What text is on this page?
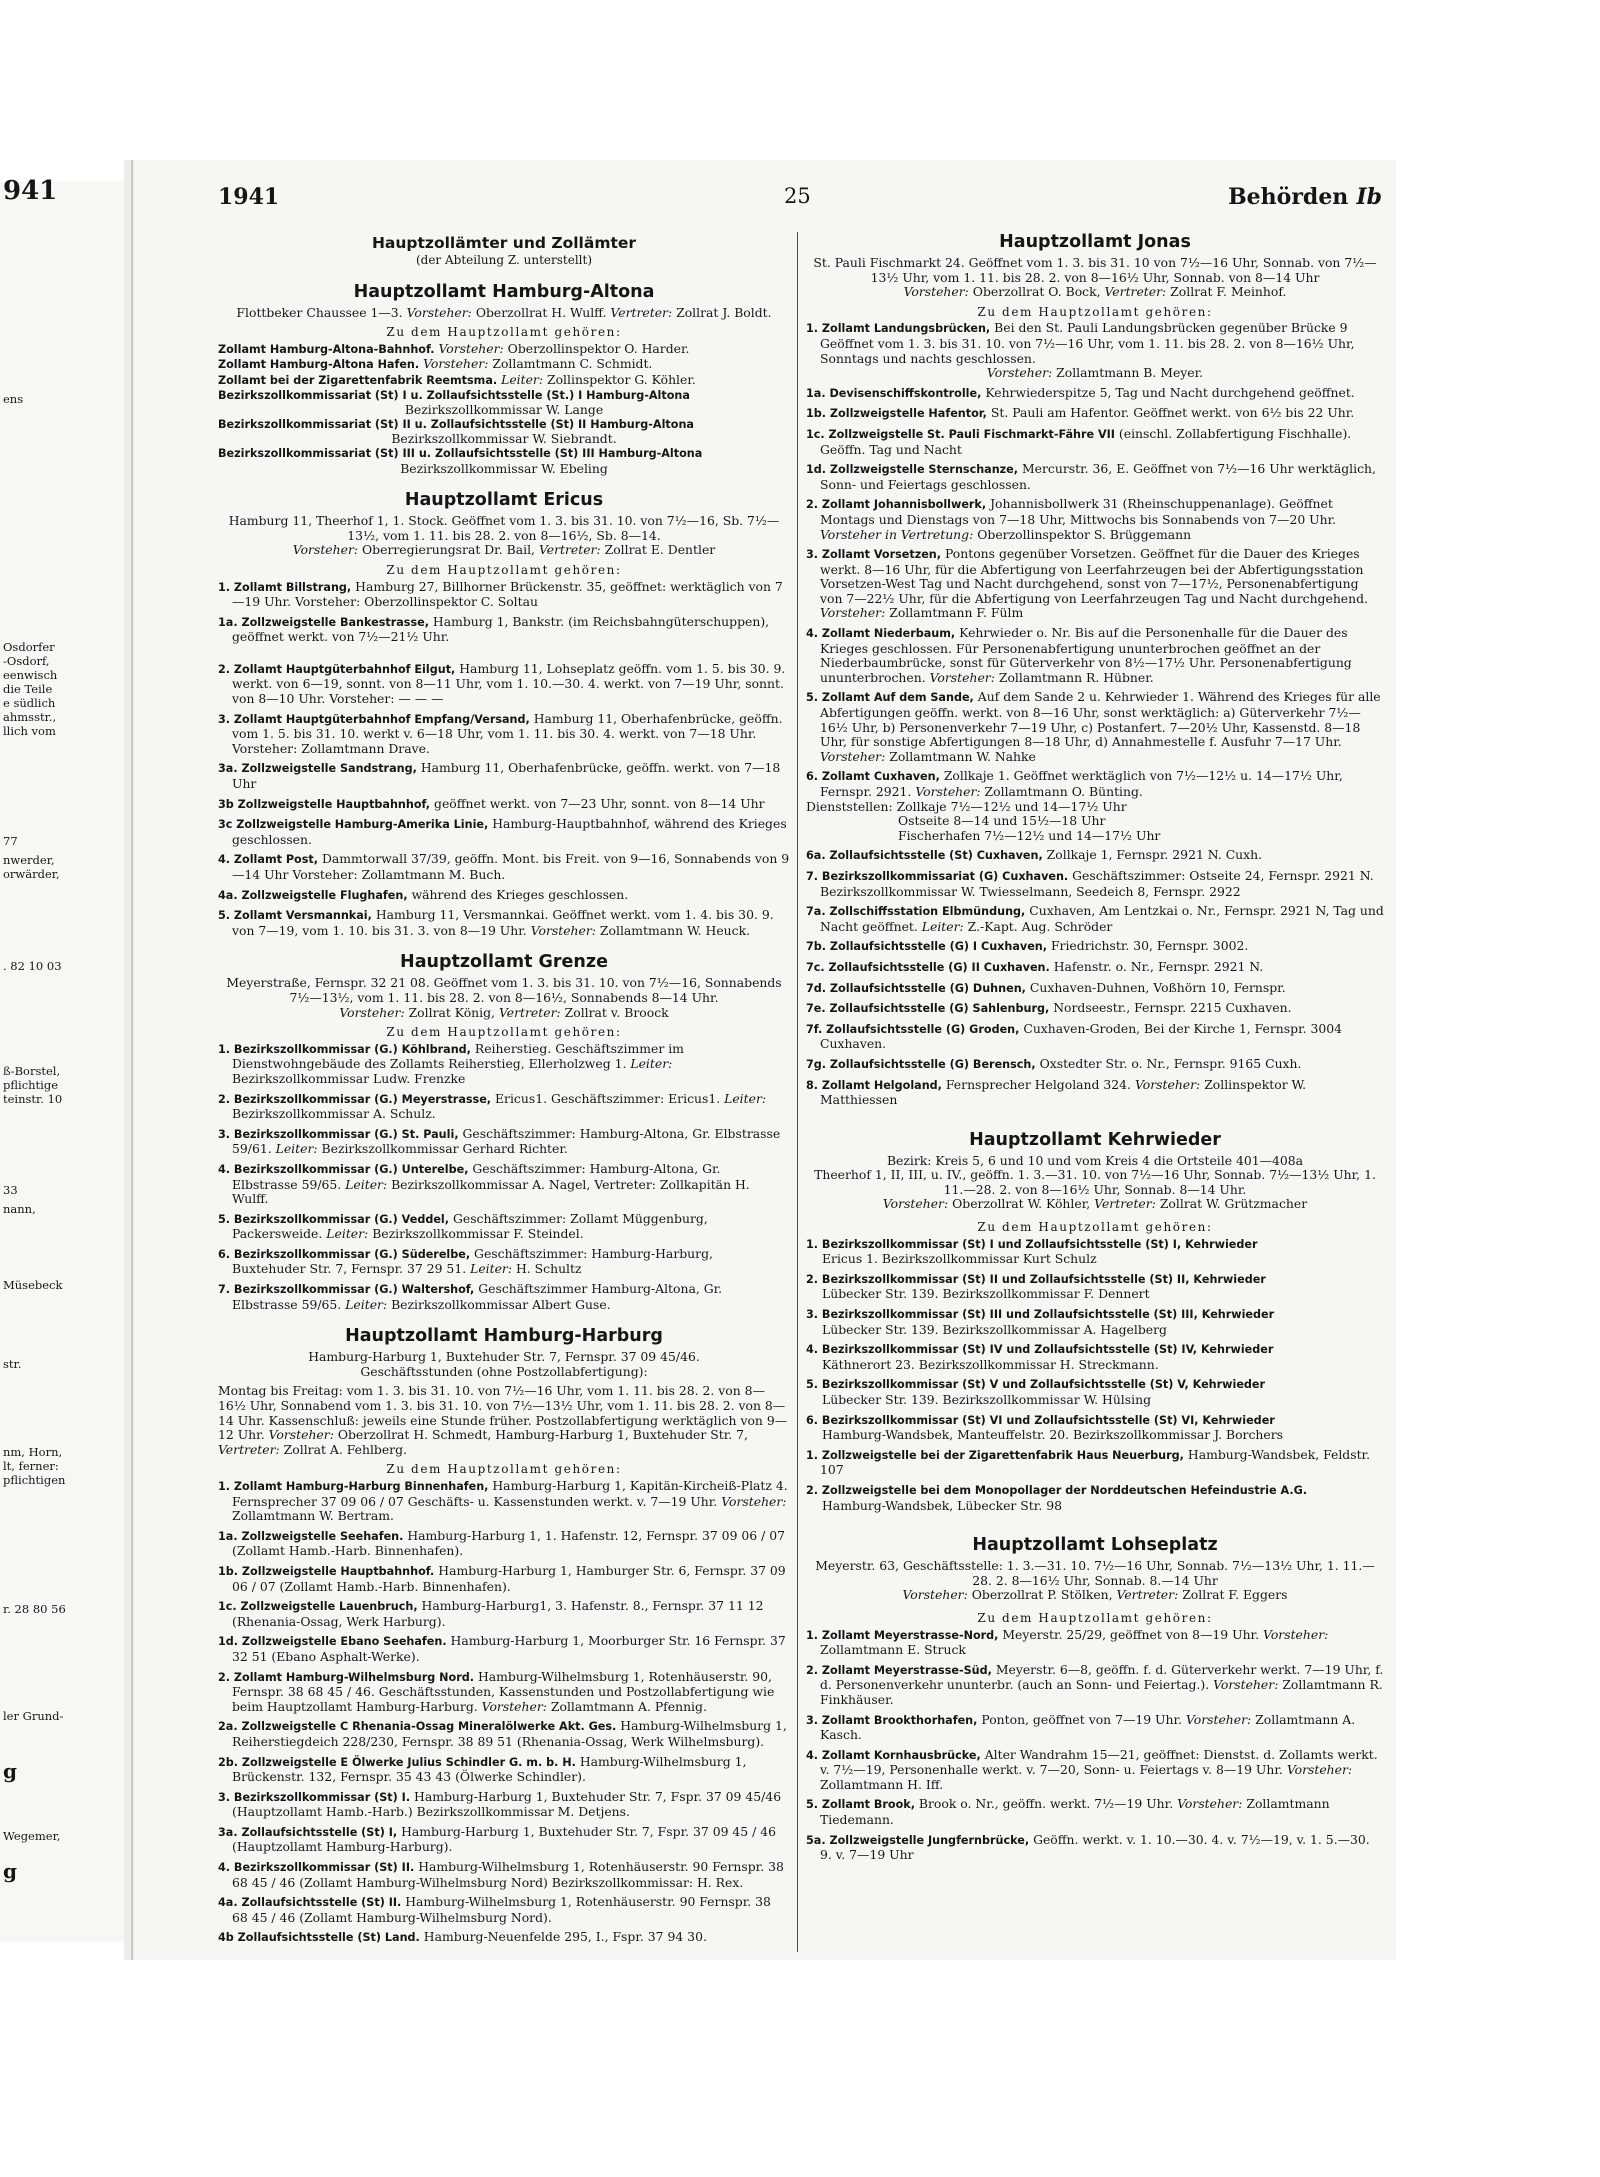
941
ens
Osdorfer
-Osdorf,
eenwisch
die Teile
e südlich
ahmsstr.,
llich vom
77
nwerder,
orwärder,
. 82 10 03
ß-Borstel,
pflichtige
teinstr. 10
33
nann,
Müsebeck
str.
nm, Horn,
lt, ferner:
pflichtigen
r. 28 80 56
ler Grund-
g
Wegemer,
g
1941	25	Behörden Ib
Hauptzollämter und Zollämter
(der Abteilung Z. unterstellt)
Hauptzollamt Hamburg-Altona
Flottbeker Chaussee 1—3. Vorsteher: Oberzollrat H. Wulff. Vertreter: Zollrat J. Boldt.
Zu dem Hauptzollamt gehören:
Zollamt Hamburg-Altona-Bahnhof. Vorsteher: Oberzollinspektor O. Harder.
Zollamt Hamburg-Altona Hafen. Vorsteher: Zollamtmann C. Schmidt.
Zollamt bei der Zigarettenfabrik Reemtsma. Leiter: Zollinspektor G. Köhler.
Bezirkszollkommissariat (St) I u. Zollaufsichtsstelle (St.) I Hamburg-Altona
Bezirkszollkommissar W. Lange
Bezirkszollkommissariat (St) II u. Zollaufsichtsstelle (St) II Hamburg-Altona
Bezirkszollkommissar W. Siebrandt.
Bezirkszollkommissariat (St) III u. Zollaufsichtsstelle (St) III Hamburg-Altona
Bezirkszollkommissar W. Ebeling
Hauptzollamt Ericus
Hamburg 11, Theerhof 1, 1. Stock. Geöffnet vom 1. 3. bis 31. 10. von 7½—16, Sb. 7½—13½, vom 1. 11. bis 28. 2. von 8—16½, Sb. 8—14.
Vorsteher: Oberregierungsrat Dr. Bail, Vertreter: Zollrat E. Dentler
Zu dem Hauptzollamt gehören:
1. Zollamt Billstrang, Hamburg 27, Billhorner Brückenstr. 35, geöffnet: werktäglich von 7—19 Uhr. Vorsteher: Oberzollinspektor C. Soltau
1a. Zollzweigstelle Bankestrasse, Hamburg 1, Bankstr. (im Reichsbahngüterschuppen), geöffnet werkt. von 7½—21½ Uhr.
2. Zollamt Hauptgüterbahnhof Eilgut, Hamburg 11, Lohseplatz geöffn. vom 1. 5. bis 30. 9. werkt. von 6—19, sonnt. von 8—11 Uhr, vom 1. 10.—30. 4. werkt. von 7—19 Uhr, sonnt. von 8—10 Uhr. Vorsteher: — — —
3. Zollamt Hauptgüterbahnhof Empfang/Versand, Hamburg 11, Oberhafenbrücke, geöffn. vom 1. 5. bis 31. 10. werkt v. 6—18 Uhr, vom 1. 11. bis 30. 4. werkt. von 7—18 Uhr. Vorsteher: Zollamtmann Drave.
3a. Zollzweigstelle Sandstrang, Hamburg 11, Oberhafenbrücke, geöffn. werkt. von 7—18 Uhr
3b Zollzweigstelle Hauptbahnhof, geöffnet werkt. von 7—23 Uhr, sonnt. von 8—14 Uhr
3c Zollzweigstelle Hamburg-Amerika Linie, Hamburg-Hauptbahnhof, während des Krieges geschlossen.
4. Zollamt Post, Dammtorwall 37/39, geöffn. Mont. bis Freit. von 9—16, Sonnabends von 9—14 Uhr Vorsteher: Zollamtmann M. Buch.
4a. Zollzweigstelle Flughafen, während des Krieges geschlossen.
5. Zollamt Versmannkai, Hamburg 11, Versmannkai. Geöffnet werkt. vom 1. 4. bis 30. 9. von 7—19, vom 1. 10. bis 31. 3. von 8—19 Uhr. Vorsteher: Zollamtmann W. Heuck.
Hauptzollamt Grenze
Meyerstraße, Fernspr. 32 21 08. Geöffnet vom 1. 3. bis 31. 10. von 7½—16, Sonnabends 7½—13½, vom 1. 11. bis 28. 2. von 8—16½, Sonnabends 8—14 Uhr.
Vorsteher: Zollrat König, Vertreter: Zollrat v. Broock
Zu dem Hauptzollamt gehören:
1. Bezirkszollkommissar (G.) Köhlbrand, Reiherstieg. Geschäftszimmer im Dienstwohngebäude des Zollamts Reiherstieg, Ellerholzweg 1. Leiter: Bezirkszollkommissar Ludw. Frenzke
2. Bezirkszollkommissar (G.) Meyerstrasse, Ericus1. Geschäftszimmer: Ericus1. Leiter: Bezirkszollkommissar A. Schulz.
3. Bezirkszollkommissar (G.) St. Pauli, Geschäftszimmer: Hamburg-Altona, Gr. Elbstrasse 59/61. Leiter: Bezirkszollkommissar Gerhard Richter.
4. Bezirkszollkommissar (G.) Unterelbe, Geschäftszimmer: Hamburg-Altona, Gr. Elbstrasse 59/65. Leiter: Bezirkszollkommissar A. Nagel, Vertreter: Zollkapitän H. Wulff.
5. Bezirkszollkommissar (G.) Veddel, Geschäftszimmer: Zollamt Müggenburg, Packersweide. Leiter: Bezirkszollkommissar F. Steindel.
6. Bezirkszollkommissar (G.) Süderelbe, Geschäftszimmer: Hamburg-Harburg, Buxtehuder Str. 7, Fernspr. 37 29 51. Leiter: H. Schultz
7. Bezirkszollkommissar (G.) Waltershof, Geschäftszimmer Hamburg-Altona, Gr. Elbstrasse 59/65. Leiter: Bezirkszollkommissar Albert Guse.
Hauptzollamt Hamburg-Harburg
Hamburg-Harburg 1, Buxtehuder Str. 7, Fernspr. 37 09 45/46.
Geschäftsstunden (ohne Postzollabfertigung):
Montag bis Freitag: vom 1. 3. bis 31. 10. von 7½—16 Uhr, vom 1. 11. bis 28. 2. von 8—16½ Uhr, Sonnabend vom 1. 3. bis 31. 10. von 7½—13½ Uhr, vom 1. 11. bis 28. 2. von 8—14 Uhr. Kassenschluß: jeweils eine Stunde früher. Postzollabfertigung werktäglich von 9—12 Uhr. Vorsteher: Oberzollrat H. Schmedt, Hamburg-Harburg 1, Buxtehuder Str. 7, Vertreter: Zollrat A. Fehlberg.
Zu dem Hauptzollamt gehören:
1. Zollamt Hamburg-Harburg Binnenhafen, Hamburg-Harburg 1, Kapitän-Kircheiß-Platz 4. Fernsprecher 37 09 06 / 07 Geschäfts- u. Kassenstunden werkt. v. 7—19 Uhr. Vorsteher: Zollamtmann W. Bertram.
1a. Zollzweigstelle Seehafen. Hamburg-Harburg 1, 1. Hafenstr. 12, Fernspr. 37 09 06 / 07 (Zollamt Hamb.-Harb. Binnenhafen).
1b. Zollzweigstelle Hauptbahnhof. Hamburg-Harburg 1, Hamburger Str. 6, Fernspr. 37 09 06 / 07 (Zollamt Hamb.-Harb. Binnenhafen).
1c. Zollzweigstelle Lauenbruch, Hamburg-Harburg1, 3. Hafenstr. 8., Fernspr. 37 11 12 (Rhenania-Ossag, Werk Harburg).
1d. Zollzweigstelle Ebano Seehafen. Hamburg-Harburg 1, Moorburger Str. 16 Fernspr. 37 32 51 (Ebano Asphalt-Werke).
2. Zollamt Hamburg-Wilhelmsburg Nord. Hamburg-Wilhelmsburg 1, Rotenhäuserstr. 90, Fernspr. 38 68 45 / 46. Geschäftsstunden, Kassenstunden und Postzollabfertigung wie beim Hauptzollamt Hamburg-Harburg. Vorsteher: Zollamtmann A. Pfennig.
2a. Zollzweigstelle C Rhenania-Ossag Mineralölwerke Akt. Ges. Hamburg-Wilhelmsburg 1, Reiherstiegdeich 228/230, Fernspr. 38 89 51 (Rhenania-Ossag, Werk Wilhelmsburg).
2b. Zollzweigstelle E Ölwerke Julius Schindler G. m. b. H. Hamburg-Wilhelmsburg 1, Brückenstr. 132, Fernspr. 35 43 43 (Ölwerke Schindler).
3. Bezirkszollkommissar (St) I. Hamburg-Harburg 1, Buxtehuder Str. 7, Fspr. 37 09 45/46 (Hauptzollamt Hamb.-Harb.) Bezirkszollkommissar M. Detjens.
3a. Zollaufsichtsstelle (St) I, Hamburg-Harburg 1, Buxtehuder Str. 7, Fspr. 37 09 45 / 46 (Hauptzollamt Hamburg-Harburg).
4. Bezirkszollkommissar (St) II. Hamburg-Wilhelmsburg 1, Rotenhäuserstr. 90 Fernspr. 38 68 45 / 46 (Zollamt Hamburg-Wilhelmsburg Nord) Bezirkszollkommissar: H. Rex.
4a. Zollaufsichtsstelle (St) II. Hamburg-Wilhelmsburg 1, Rotenhäuserstr. 90 Fernspr. 38 68 45 / 46 (Zollamt Hamburg-Wilhelmsburg Nord).
4b Zollaufsichtsstelle (St) Land. Hamburg-Neuenfelde 295, I., Fspr. 37 94 30.
Hauptzollamt Jonas
St. Pauli Fischmarkt 24. Geöffnet vom 1. 3. bis 31. 10 von 7½—16 Uhr, Sonnab. von 7½—13½ Uhr, vom 1. 11. bis 28. 2. von 8—16½ Uhr, Sonnab. von 8—14 Uhr
Vorsteher: Oberzollrat O. Bock, Vertreter: Zollrat F. Meinhof.
Zu dem Hauptzollamt gehören:
1. Zollamt Landungsbrücken, Bei den St. Pauli Landungsbrücken gegenüber Brücke 9 Geöffnet vom 1. 3. bis 31. 10. von 7½—16 Uhr, vom 1. 11. bis 28. 2. von 8—16½ Uhr, Sonntags und nachts geschlossen.
Vorsteher: Zollamtmann B. Meyer.
1a. Devisenschiffskontrolle, Kehrwiederspitze 5, Tag und Nacht durchgehend geöffnet.
1b. Zollzweigstelle Hafentor, St. Pauli am Hafentor. Geöffnet werkt. von 6½ bis 22 Uhr.
1c. Zollzweigstelle St. Pauli Fischmarkt-Fähre VII (einschl. Zollabfertigung Fischhalle). Geöffn. Tag und Nacht
1d. Zollzweigstelle Sternschanze, Mercurstr. 36, E. Geöffnet von 7½—16 Uhr werktäglich, Sonn- und Feiertags geschlossen.
2. Zollamt Johannisbollwerk, Johannisbollwerk 31 (Rheinschuppenanlage). Geöffnet Montags und Dienstags von 7—18 Uhr, Mittwochs bis Sonnabends von 7—20 Uhr. Vorsteher in Vertretung: Oberzollinspektor S. Brüggemann
3. Zollamt Vorsetzen, Pontons gegenüber Vorsetzen. Geöffnet für die Dauer des Krieges werkt. 8—16 Uhr, für die Abfertigung von Leerfahrzeugen bei der Abfertigungsstation Vorsetzen-West Tag und Nacht durchgehend, sonst von 7—17½, Personenabfertigung von 7—22½ Uhr, für die Abfertigung von Leerfahrzeugen Tag und Nacht durchgehend. Vorsteher: Zollamtmann F. Fülm
4. Zollamt Niederbaum, Kehrwieder o. Nr. Bis auf die Personenhalle für die Dauer des Krieges geschlossen. Für Personenabfertigung ununterbrochen geöffnet an der Niederbaumbrücke, sonst für Güterverkehr von 8½—17½ Uhr. Personenabfertigung ununterbrochen. Vorsteher: Zollamtmann R. Hübner.
5. Zollamt Auf dem Sande, Auf dem Sande 2 u. Kehrwieder 1. Während des Krieges für alle Abfertigungen geöffn. werkt. von 8—16 Uhr, sonst werktäglich: a) Güterverkehr 7½—16½ Uhr, b) Personenverkehr 7—19 Uhr, c) Postanfert. 7—20½ Uhr, Kassenstd. 8—18 Uhr, für sonstige Abfertigungen 8—18 Uhr, d) Annahmestelle f. Ausfuhr 7—17 Uhr. Vorsteher: Zollamtmann W. Nahke
6. Zollamt Cuxhaven, Zollkaje 1. Geöffnet werktäglich von 7½—12½ u. 14—17½ Uhr, Fernspr. 2921. Vorsteher: Zollamtmann O. Bünting.
Dienststellen: Zollkaje 7½—12½ und 14—17½ Uhr
Ostseite 8—14 und 15½—18 Uhr
Fischerhafen 7½—12½ und 14—17½ Uhr
6a. Zollaufsichtsstelle (St) Cuxhaven, Zollkaje 1, Fernspr. 2921 N. Cuxh.
7. Bezirkszollkommissariat (G) Cuxhaven. Geschäftszimmer: Ostseite 24, Fernspr. 2921 N. Bezirkszollkommissar W. Twiesselmann, Seedeich 8, Fernspr. 2922
7a. Zollschiffsstation Elbmündung, Cuxhaven, Am Lentzkai o. Nr., Fernspr. 2921 N, Tag und Nacht geöffnet. Leiter: Z.-Kapt. Aug. Schröder
7b. Zollaufsichtsstelle (G) I Cuxhaven, Friedrichstr. 30, Fernspr. 3002.
7c. Zollaufsichtsstelle (G) II Cuxhaven. Hafenstr. o. Nr., Fernspr. 2921 N.
7d. Zollaufsichtsstelle (G) Duhnen, Cuxhaven-Duhnen, Voßhörn 10, Fernspr.
7e. Zollaufsichtsstelle (G) Sahlenburg, Nordseestr., Fernspr. 2215 Cuxhaven.
7f. Zollaufsichtsstelle (G) Groden, Cuxhaven-Groden, Bei der Kirche 1, Fernspr. 3004 Cuxhaven.
7g. Zollaufsichtsstelle (G) Berensch, Oxstedter Str. o. Nr., Fernspr. 9165 Cuxh.
8. Zollamt Helgoland, Fernsprecher Helgoland 324. Vorsteher: Zollinspektor W. Matthiessen
Hauptzollamt Kehrwieder
Bezirk: Kreis 5, 6 und 10 und vom Kreis 4 die Ortsteile 401—408a
Theerhof 1, II, III, u. IV., geöffn. 1. 3.—31. 10. von 7½—16 Uhr, Sonnab. 7½—13½ Uhr, 1. 11.—28. 2. von 8—16½ Uhr, Sonnab. 8—14 Uhr.
Vorsteher: Oberzollrat W. Köhler, Vertreter: Zollrat W. Grützmacher
Zu dem Hauptzollamt gehören:
1. Bezirkszollkommissar (St) I und Zollaufsichtsstelle (St) I, Kehrwieder
Ericus 1. Bezirkszollkommissar Kurt Schulz
2. Bezirkszollkommissar (St) II und Zollaufsichtsstelle (St) II, Kehrwieder
Lübecker Str. 139. Bezirkszollkommissar F. Dennert
3. Bezirkszollkommissar (St) III und Zollaufsichtsstelle (St) III, Kehrwieder
Lübecker Str. 139. Bezirkszollkommissar A. Hagelberg
4. Bezirkszollkommissar (St) IV und Zollaufsichtsstelle (St) IV, Kehrwieder
Käthnerort 23. Bezirkszollkommissar H. Streckmann.
5. Bezirkszollkommissar (St) V und Zollaufsichtsstelle (St) V, Kehrwieder
Lübecker Str. 139. Bezirkszollkommissar W. Hülsing
6. Bezirkszollkommissar (St) VI und Zollaufsichtsstelle (St) VI, Kehrwieder
Hamburg-Wandsbek, Manteuffelstr. 20. Bezirkszollkommissar J. Borchers
1. Zollzweigstelle bei der Zigarettenfabrik Haus Neuerburg, Hamburg-Wandsbek, Feldstr. 107
2. Zollzweigstelle bei dem Monopollager der Norddeutschen Hefeindustrie A.G.
Hamburg-Wandsbek, Lübecker Str. 98
Hauptzollamt Lohseplatz
Meyerstr. 63, Geschäftsstelle: 1. 3.—31. 10. 7½—16 Uhr, Sonnab. 7½—13½ Uhr, 1. 11.—28. 2. 8—16½ Uhr, Sonnab. 8.—14 Uhr
Vorsteher: Oberzollrat P. Stölken, Vertreter: Zollrat F. Eggers
Zu dem Hauptzollamt gehören:
1. Zollamt Meyerstrasse-Nord, Meyerstr. 25/29, geöffnet von 8—19 Uhr. Vorsteher: Zollamtmann E. Struck
2. Zollamt Meyerstrasse-Süd, Meyerstr. 6—8, geöffn. f. d. Güterverkehr werkt. 7—19 Uhr, f. d. Personenverkehr ununterbr. (auch an Sonn- und Feiertag.). Vorsteher: Zollamtmann R. Finkhäuser.
3. Zollamt Brookthorhafen, Ponton, geöffnet von 7—19 Uhr. Vorsteher: Zollamtmann A. Kasch.
4. Zollamt Kornhausbrücke, Alter Wandrahm 15—21, geöffnet: Dienstst. d. Zollamts werkt. v. 7½—19, Personenhalle werkt. v. 7—20, Sonn- u. Feiertags v. 8—19 Uhr. Vorsteher: Zollamtmann H. Iff.
5. Zollamt Brook, Brook o. Nr., geöffn. werkt. 7½—19 Uhr. Vorsteher: Zollamtmann Tiedemann.
5a. Zollzweigstelle Jungfernbrücke, Geöffn. werkt. v. 1. 10.—30. 4. v. 7½—19, v. 1. 5.—30. 9. v. 7—19 Uhr
